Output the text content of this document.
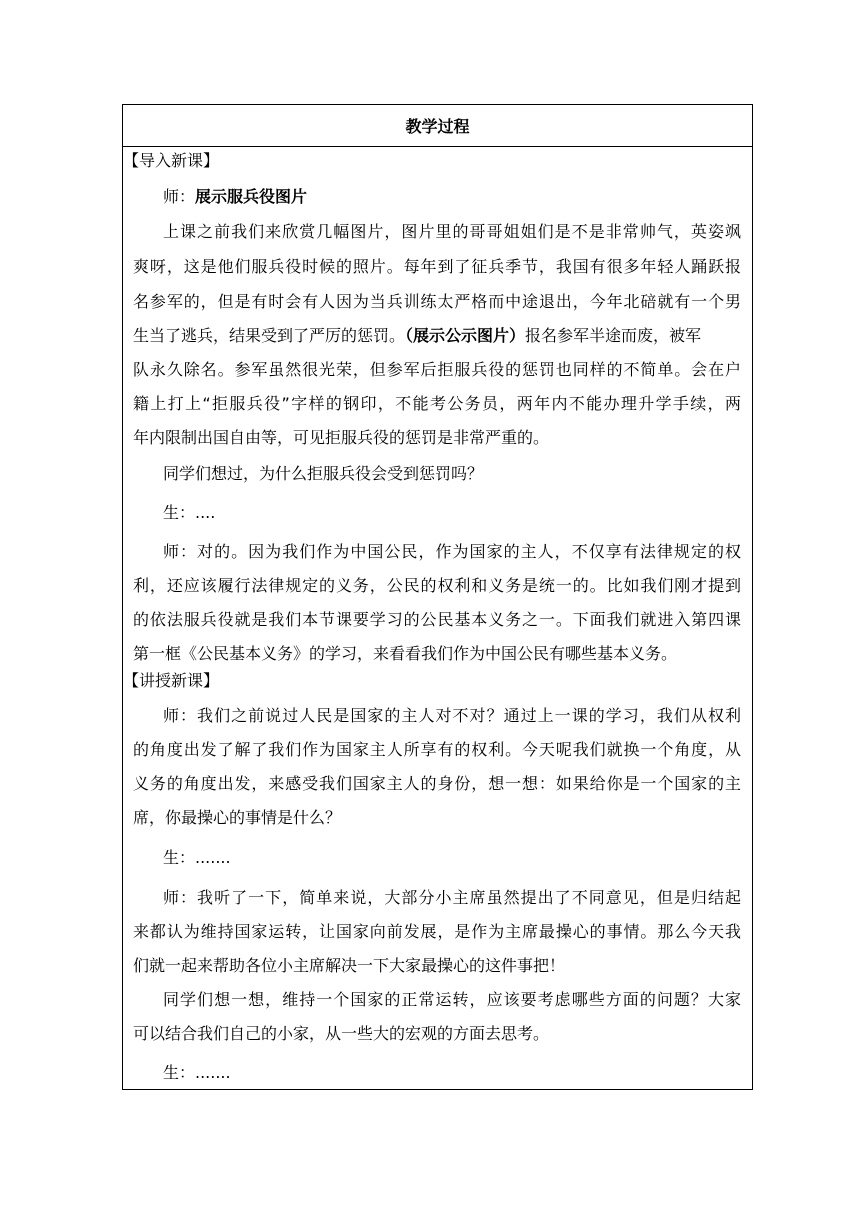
教学过程
【导入新课】
师：展示服兵役图片
上课之前我们来欣赏几幅图片，图片里的哥哥姐姐们是不是非常帅气，英姿飒
爽呀，这是他们服兵役时候的照片。每年到了征兵季节，我国有很多年轻人踊跃报
名参军的，但是有时会有人因为当兵训练太严格而中途退出，今年北碚就有一个男
生当了逃兵，结果受到了严厉的惩罚。（展示公示图片）报名参军半途而废，被军
队永久除名。参军虽然很光荣，但参军后拒服兵役的惩罚也同样的不简单。会在户
籍上打上“拒服兵役”字样的钢印，不能考公务员，两年内不能办理升学手续，两
年内限制出国自由等，可见拒服兵役的惩罚是非常严重的。
同学们想过，为什么拒服兵役会受到惩罚吗？
生：....
师：对的。因为我们作为中国公民，作为国家的主人，不仅享有法律规定的权
利，还应该履行法律规定的义务，公民的权利和义务是统一的。比如我们刚才提到
的依法服兵役就是我们本节课要学习的公民基本义务之一。下面我们就进入第四课
第一框《公民基本义务》的学习，来看看我们作为中国公民有哪些基本义务。
【讲授新课】
师：我们之前说过人民是国家的主人对不对？通过上一课的学习，我们从权利
的角度出发了解了我们作为国家主人所享有的权利。今天呢我们就换一个角度，从
义务的角度出发，来感受我们国家主人的身份，想一想：如果给你是一个国家的主
席，你最操心的事情是什么？
生：.......
师：我听了一下，简单来说，大部分小主席虽然提出了不同意见，但是归结起
来都认为维持国家运转，让国家向前发展，是作为主席最操心的事情。那么今天我
们就一起来帮助各位小主席解决一下大家最操心的这件事把！
同学们想一想，维持一个国家的正常运转，应该要考虑哪些方面的问题？大家
可以结合我们自己的小家，从一些大的宏观的方面去思考。
生：.......
